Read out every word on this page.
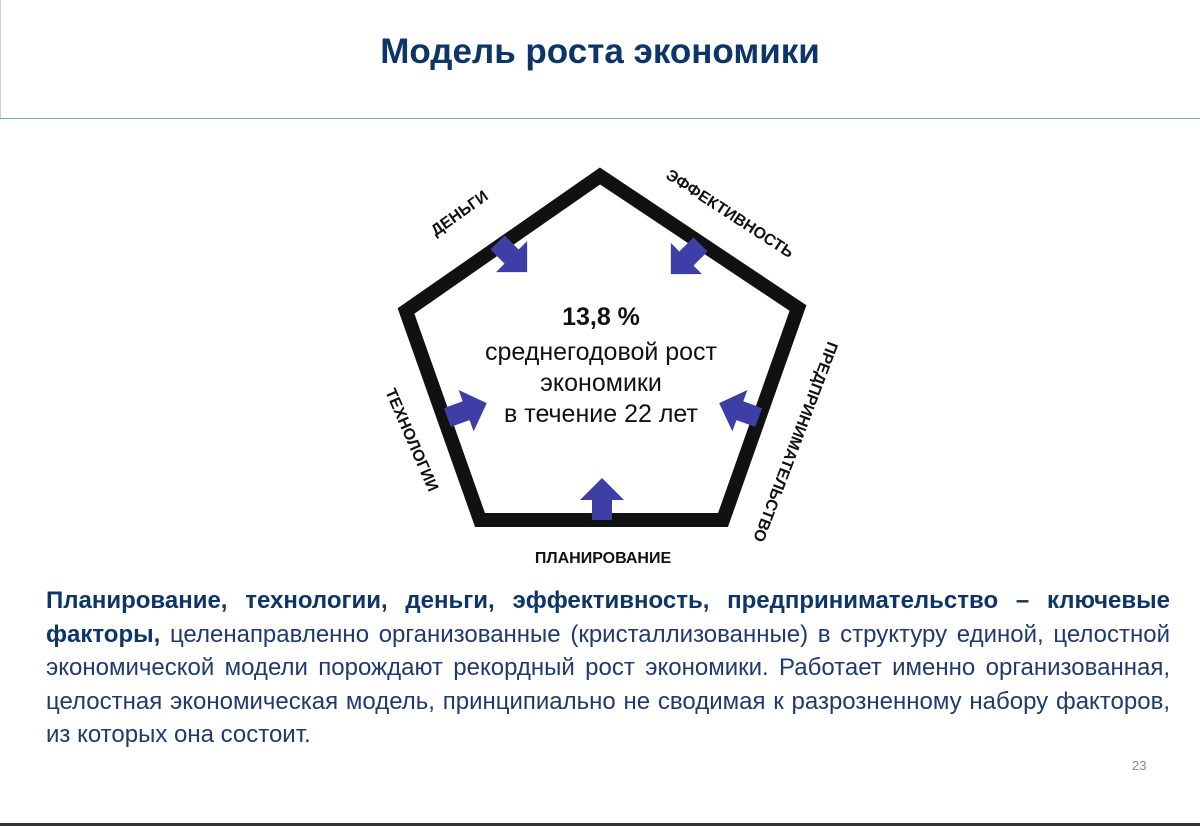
Модель роста экономики
13,8 %
среднегодовой рост
экономики
в течение 22 лет
ДЕНЬГИ
ЭФФЕКТИВНОСТЬ
ПРЕДПРИНИМАТЕЛЬСТВО
ТЕХНОЛОГИИ
ПЛАНИРОВАНИЕ

Планирование, технологии, деньги, эффективность, предпринимательство – ключевые факторы, целенаправленно организованные (кристаллизованные) в структуру единой, целостной экономической модели порождают рекордный рост экономики. Работает именно организованная, целостная экономическая модель, принципиально не сводимая к разрозненному набору факторов, из которых она состоит.

23
